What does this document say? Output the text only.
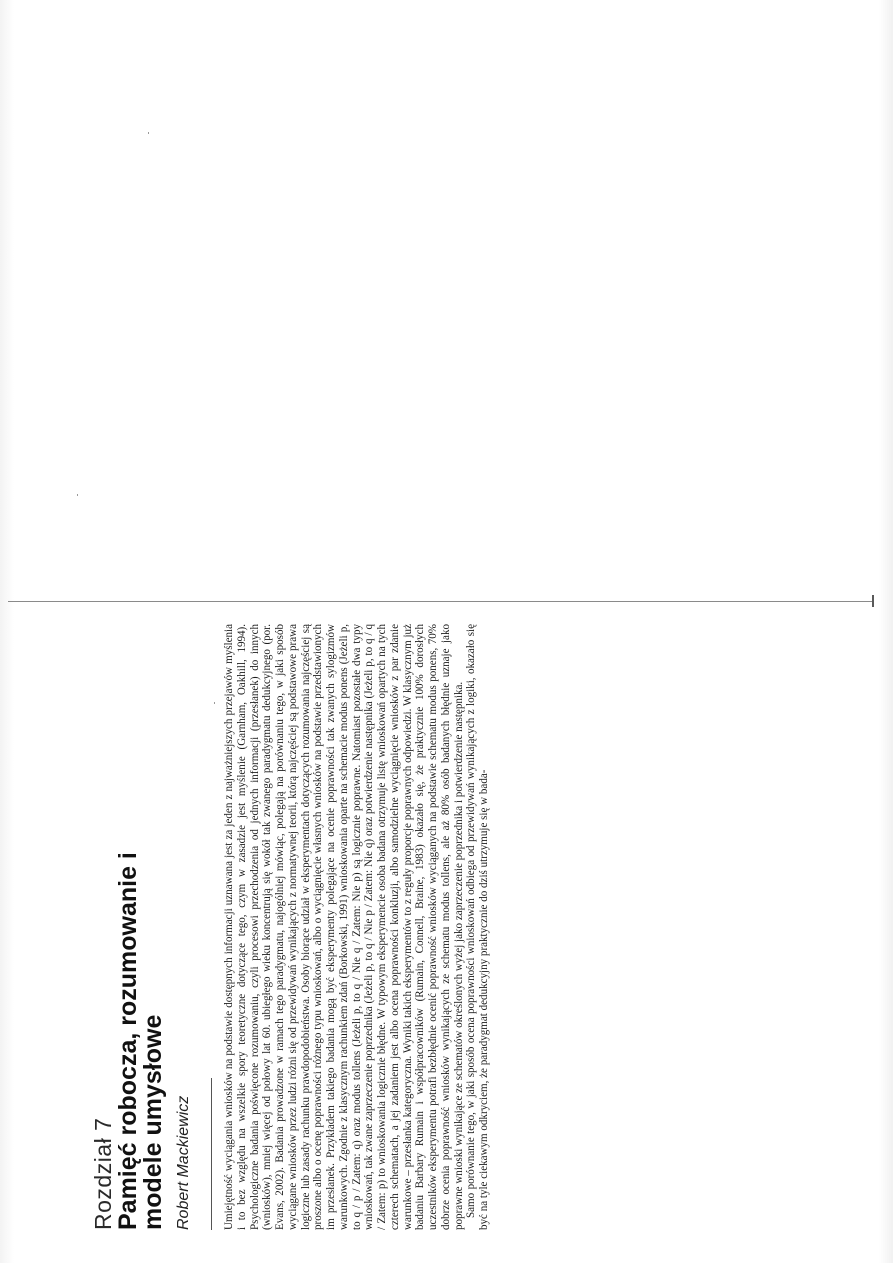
Rozdział 7
Pamięć robocza, rozumowanie i modele umysłowe Robert Mackiewicz	Umiejętność wyciągania wniosków na podstawie dostępnych informacji uznawana jest za jeden z najważniejszych przejawów myślenia i to bez względu na wszelkie spory teoretyczne dotyczące tego, czym w zasadzie jest myślenie (Garnham, Oakhill, 1994). Psychologiczne badania poświęcone rozumowaniu, czyli procesowi przechodzenia od jednych informacji (przesłanek) do innych (wniosków), mniej więcej od połowy lat 60. ubiegłego wieku koncentrują się wokół tak zwanego paradygmatu dedukcyjnego (por. Evans, 2002). Badania prowadzone w ramach tego paradygmatu, najogólniej mówiąc, polegają na porównaniu tego, w jaki sposób wyciągane wniosków przez ludzi różni się od przewidywań wynikających z normatywnej teorii, którą najczęściej są podstawowe prawa logiczne lub zasady rachunku prawdopodobieństwa. Osoby biorące udział w eksperymentach dotyczących rozumowania najczęściej są proszone albo o ocenę poprawności różnego typu wnioskowań, albo o wyciągnięcie własnych wniosków na podstawie przedstawionych im przesłanek. Przykładem takiego badania mogą być eksperymenty polegające na ocenie poprawności tak zwanych sylogizmów warunkowych. Zgodnie z klasycznym rachunkiem zdań (Borkowski, 1991) wnioskowania oparte na schemacie modus ponens (Jeżeli p, to q / p / Zatem: q) oraz modus tollens (Jeżeli p, to q / Nie q / Zatem: Nie p) są logicznie poprawne. Natomiast pozostałe dwa typy wnioskowań, tak zwane zaprzeczenie poprzednika (Jeżeli p, to q / Nie p / Zatem: Nie q) oraz potwierdzenie następnika (Jeżeli p, to q / q / Zatem: p) to wnioskowania logicznie błędne. W typowym eksperymencie osoba badana otrzymuje listę wnioskowań opartych na tych czterech schematach, a jej zadaniem jest albo ocena poprawności konkluzji, albo samodzielne wyciągnięcie wniosków z par zdanie warunkowe – przesłanka kategoryczna. Wyniki takich eksperymentów to z reguły proporcje poprawnych odpowiedzi. W klasycznym już badaniu Barbary Rumain i współpracowników (Rumain, Connell, Braine, 1983) okazało się, że praktycznie 100% dorosłych uczestników eksperymentu potrafi bezbłędnie ocenić poprawność wniosków wyciąganych na podstawie schematu modus ponens, 70% dobrze ocenia poprawność wniosków wynikających ze schematu modus tollens, ale aż 80% osób badanych błędnie uznaje jako poprawne wnioski wynikające ze schematów określonych wyżej jako zaprzeczenie poprzednika i potwierdzenie następnika. Samo porównanie tego, w jaki sposób ocena poprawności wnioskowań odbiega od przewidywań wynikających z logiki, okazało się być na tyle ciekawym odkryciem, że paradygmat dedukcyjny praktycznie do dziś utrzymuje się w bada-
